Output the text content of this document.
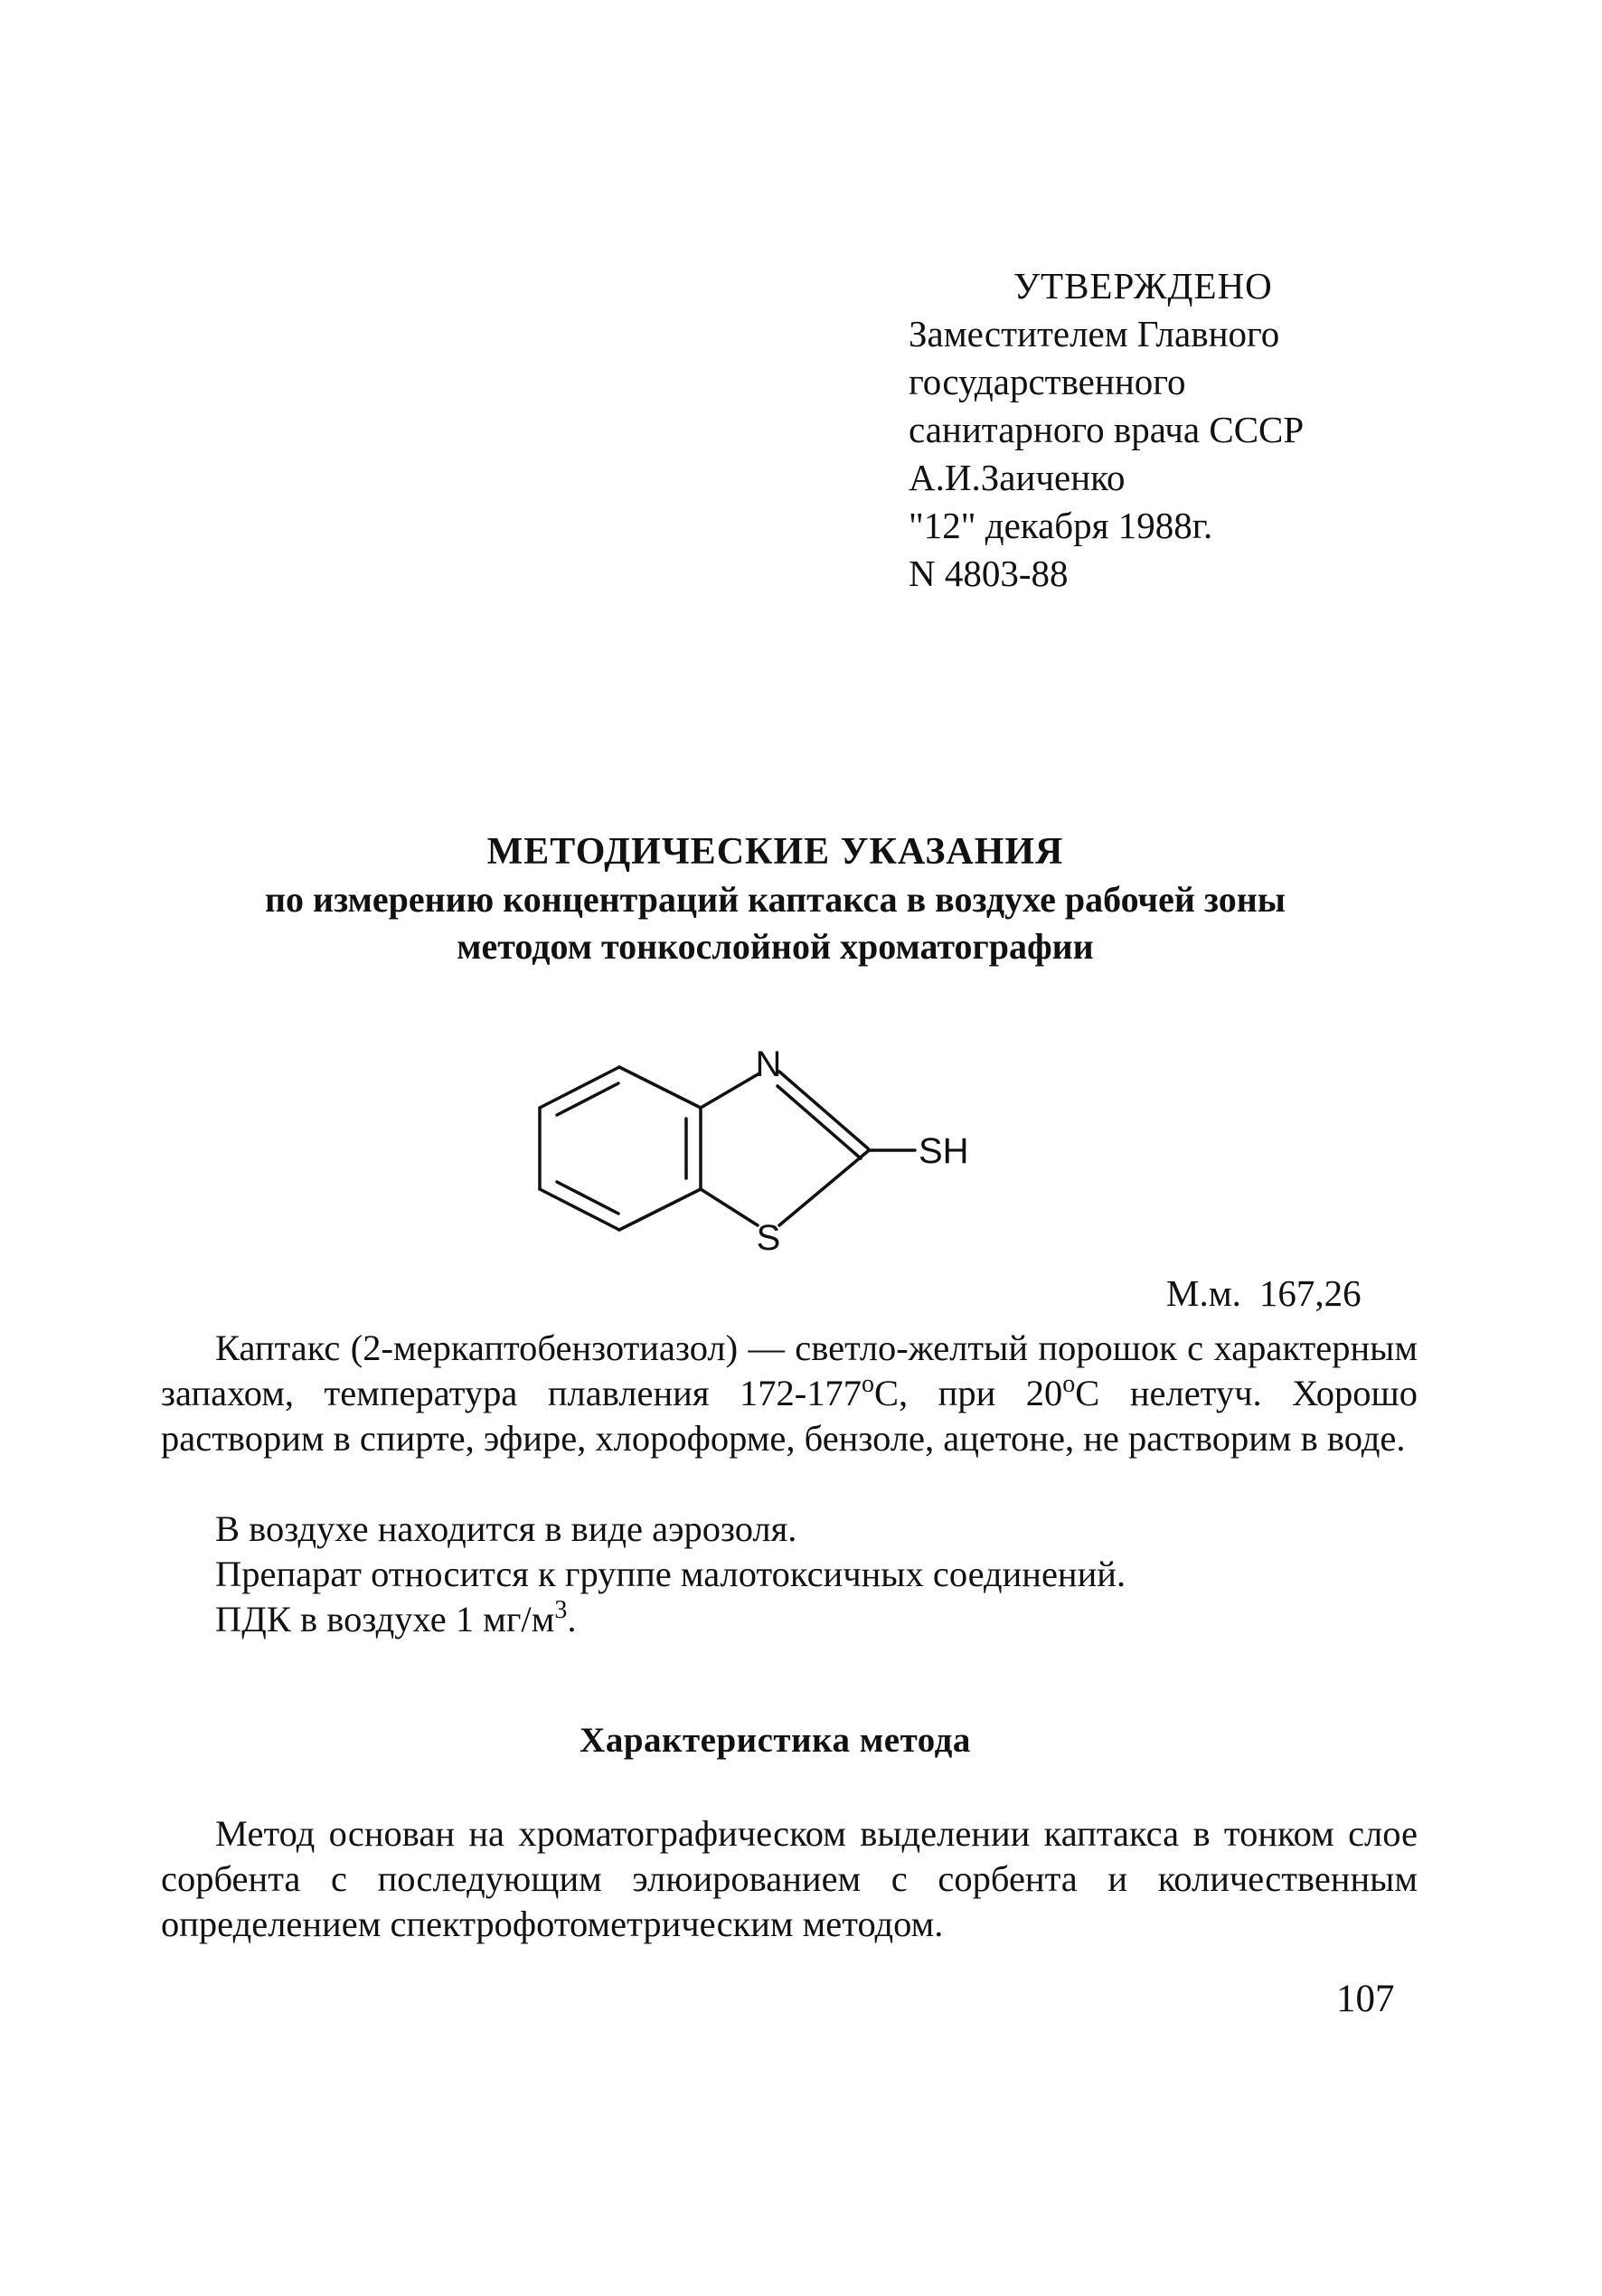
УТВЕРЖДЕНО
Заместителем Главного
государственного
санитарного врача СССР
А.И.Заиченко
"12" декабря 1988г.
N 4803-88
МЕТОДИЧЕСКИЕ УКАЗАНИЯ
по измерению концентраций каптакса в воздухе рабочей зоны
методом тонкослойной хроматографии
N
S
SH
М.м. 167,26
Каптакс (2-меркаптобензотиазол) — светло-желтый порошок с характерным запахом, температура плавления $172-177^оС$, при $20^оС$ нелетуч. Хорошо растворим в спирте, эфире, хлороформе, бензоле, ацетоне, не растворим в воде.
В воздухе находится в виде аэрозоля.
Препарат относится к группе малотоксичных соединений.
ПДК в воздухе 1 $мг/м^3$.
Характеристика метода
Метод основан на хроматографическом выделении каптакса в тонком слое сорбента с последующим элюированием с сорбента и количественным определением спектрофотометрическим методом.
107
